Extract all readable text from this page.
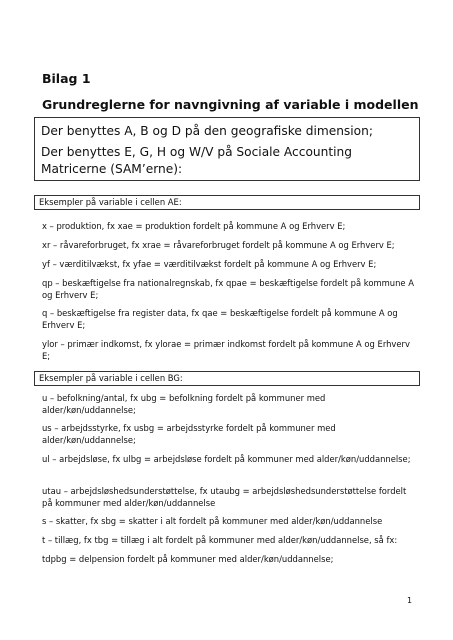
Bilag 1
Grundreglerne for navngivning af variable i modellen

Der benyttes A, B og D på den geografiske dimension;

Der benyttes E, G, H og W/V på Sociale Accounting Matricerne (SAM’erne):

Eksempler på variable i cellen AE:

x – produktion, fx xae = produktion fordelt på kommune A og Erhverv E;

xr – råvareforbruget, fx xrae = råvareforbruget fordelt på kommune A og Erhverv E;

yf – værditilvækst, fx yfae = værditilvækst fordelt på kommune A og Erhverv E;

qp – beskæftigelse fra nationalregnskab, fx qpae = beskæftigelse fordelt på kommune A og Erhverv E;

q – beskæftigelse fra register data, fx qae = beskæftigelse fordelt på kommune A og Erhverv E;

ylor – primær indkomst, fx ylorae = primær indkomst fordelt på kommune A og Erhverv E;

Eksempler på variable i cellen BG:

u – befolkning/antal, fx ubg = befolkning fordelt på kommuner med alder/køn/uddannelse;

us – arbejdsstyrke, fx usbg = arbejdsstyrke fordelt på kommuner med alder/køn/uddannelse;

ul – arbejdsløse, fx ulbg = arbejdsløse fordelt på kommuner med alder/køn/uddannelse;

utau – arbejdsløshedsunderstøttelse, fx utaubg = arbejdsløshedsunderstøttelse fordelt på kommuner med alder/køn/uddannelse

s – skatter, fx sbg = skatter i alt fordelt på kommuner med alder/køn/uddannelse

t – tillæg, fx tbg = tillæg i alt fordelt på kommuner med alder/køn/uddannelse, så fx:

tdpbg = delpension fordelt på kommuner med alder/køn/uddannelse;

1
